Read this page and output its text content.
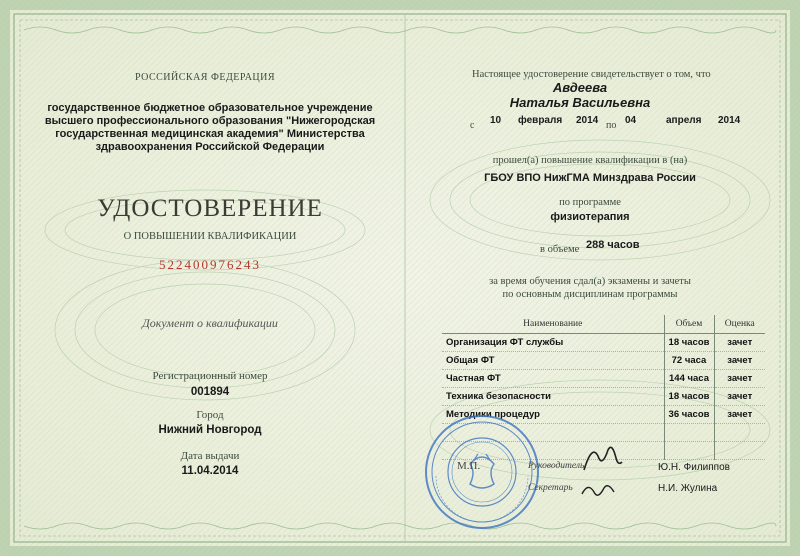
РОССИЙСКАЯ ФЕДЕРАЦИЯ
государственное бюджетное образовательное учреждение высшего профессионального образования "Нижегородская государственная медицинская академия" Министерства здравоохранения Российской Федерации
УДОСТОВЕРЕНИЕ
О ПОВЫШЕНИИ КВАЛИФИКАЦИИ
522400976243
Документ о квалификации
Регистрационный номер
001894
Город
Нижний Новгород
Дата выдачи
11.04.2014
Настоящее удостоверение свидетельствует о том, что
Авдеева
Наталья Васильевна
с 10 февраля 2014 по 04	апреля 2014
прошел(а) повышение квалификации в (на)
ГБОУ ВПО НижГМА Минздрава России
по программе
физиотерапия
в объеме 288 часов
за время обучения сдал(а) экзамены и зачеты
по основным дисциплинам программы
Наименование	Объем	Оценка
Организация ФТ службы	18 часов	зачет
Общая ФТ	72 часа	зачет
Частная ФТ	144 часа	зачет
Техника безопасности	18 часов	зачет
Методики процедур	36 часов	зачет

М.П.	Руководитель
Секретарь
Ю.Н. Филиппов
Н.И. Жулина
